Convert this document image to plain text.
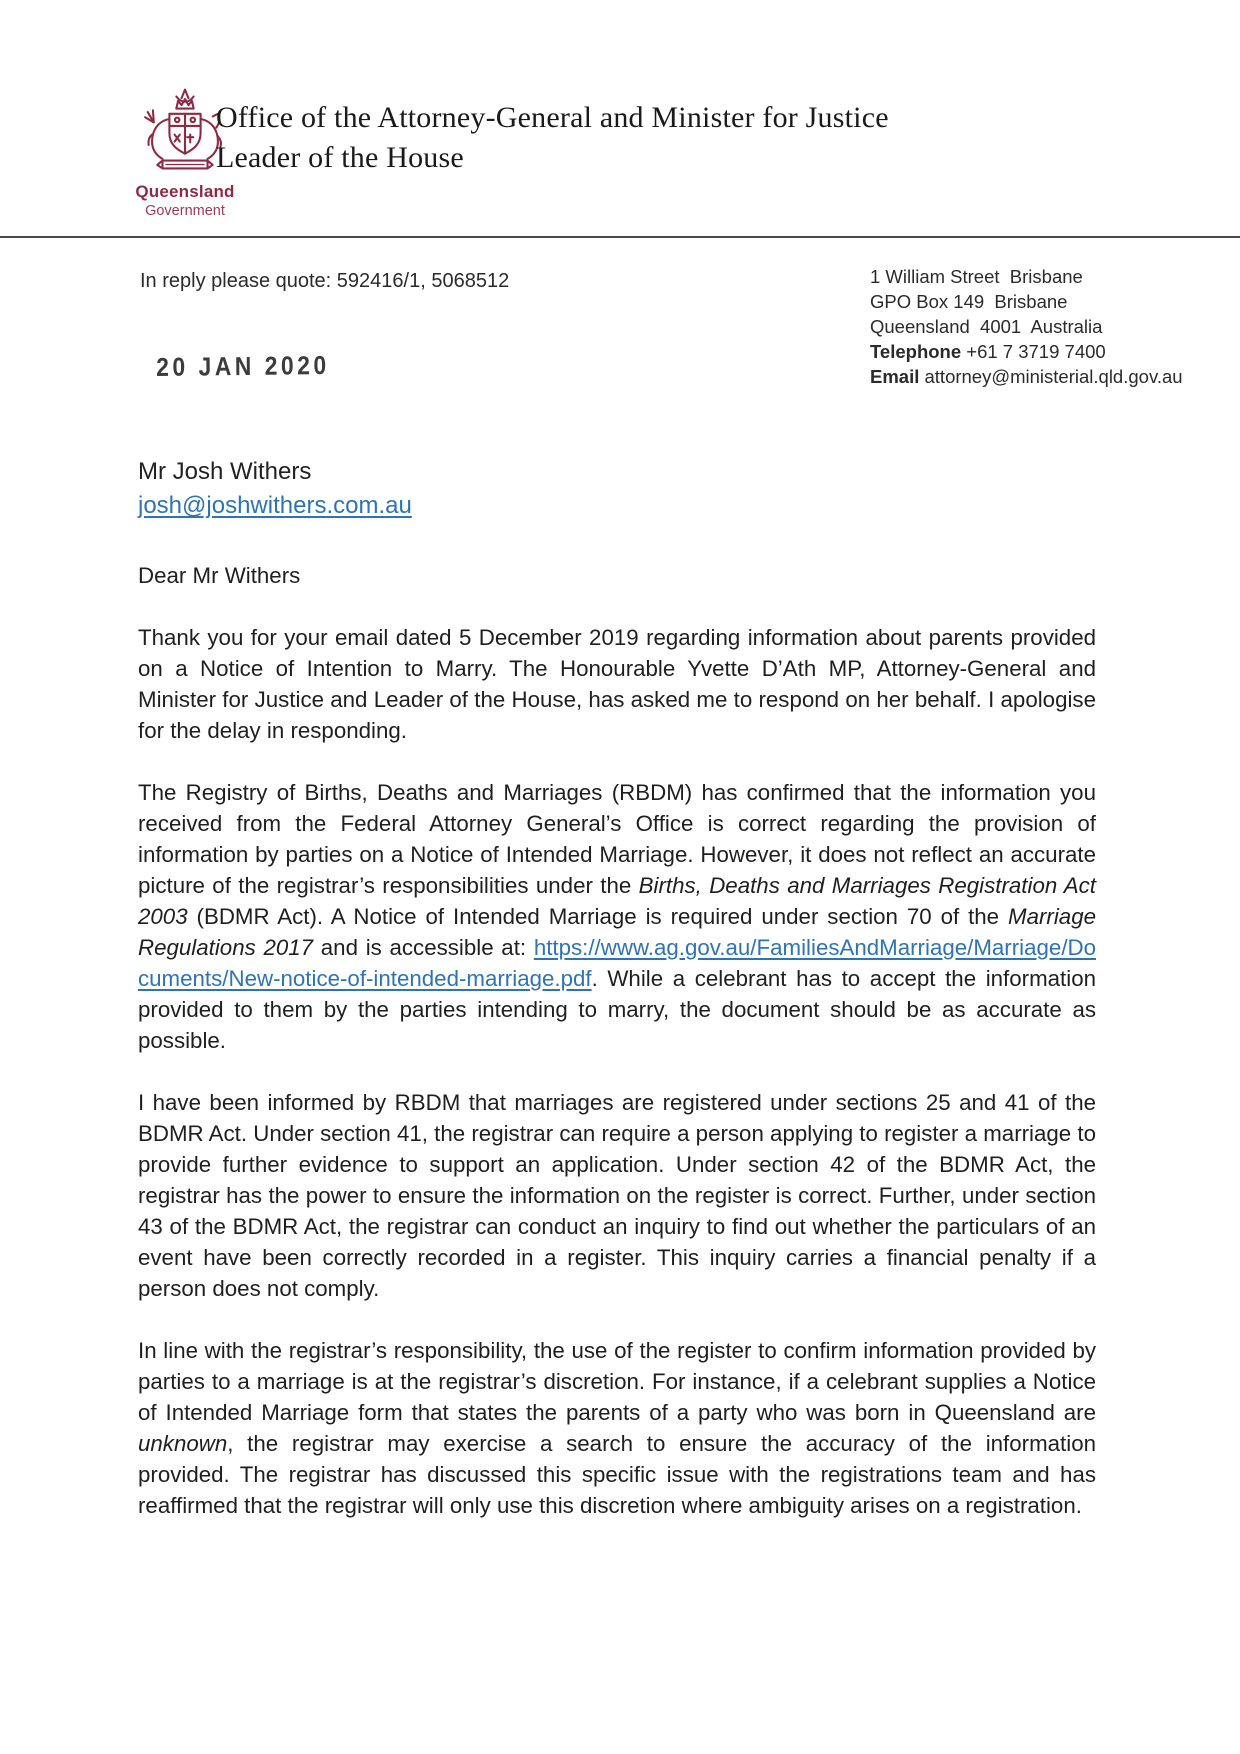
Queensland
Government
Office of the Attorney-General and Minister for Justice
Leader of the House
In reply please quote: 592416/1, 5068512	1 William Street  Brisbane
GPO Box 149  Brisbane
Queensland  4001  Australia
Telephone +61 7 3719 7400
Email attorney@ministerial.qld.gov.au
20 JAN 2020
Mr Josh Withers
josh@joshwithers.com.au
Dear Mr Withers

Thank you for your email dated 5 December 2019 regarding information about parents provided on a Notice of Intention to Marry. The Honourable Yvette D’Ath MP, Attorney-General and Minister for Justice and Leader of the House, has asked me to respond on her behalf. I apologise for the delay in responding.

The Registry of Births, Deaths and Marriages (RBDM) has confirmed that the information you received from the Federal Attorney General’s Office is correct regarding the provision of information by parties on a Notice of Intended Marriage. However, it does not reflect an accurate picture of the registrar’s responsibilities under the Births, Deaths and Marriages Registration Act 2003 (BDMR Act). A Notice of Intended Marriage is required under section 70 of the Marriage Regulations 2017 and is accessible at: https://www.ag.gov.au/FamiliesAndMarriage/Marriage/Documents/New-notice-of-intended-marriage.pdf. While a celebrant has to accept the information provided to them by the parties intending to marry, the document should be as accurate as possible.

I have been informed by RBDM that marriages are registered under sections 25 and 41 of the BDMR Act. Under section 41, the registrar can require a person applying to register a marriage to provide further evidence to support an application. Under section 42 of the BDMR Act, the registrar has the power to ensure the information on the register is correct. Further, under section 43 of the BDMR Act, the registrar can conduct an inquiry to find out whether the particulars of an event have been correctly recorded in a register. This inquiry carries a financial penalty if a person does not comply.

In line with the registrar’s responsibility, the use of the register to confirm information provided by parties to a marriage is at the registrar’s discretion. For instance, if a celebrant supplies a Notice of Intended Marriage form that states the parents of a party who was born in Queensland are unknown, the registrar may exercise a search to ensure the accuracy of the information provided. The registrar has discussed this specific issue with the registrations team and has reaffirmed that the registrar will only use this discretion where ambiguity arises on a registration.
